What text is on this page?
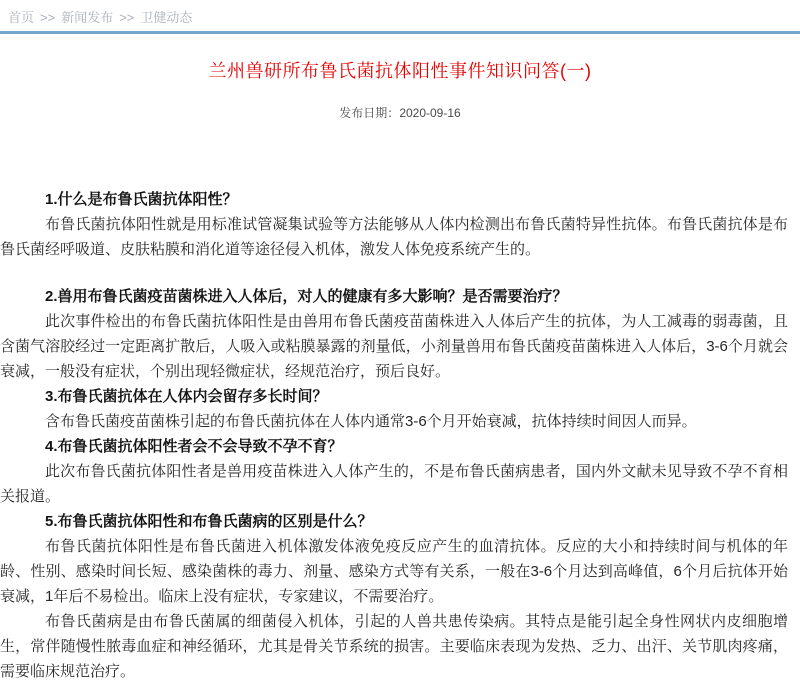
首页 >> 新闻发布 >> 卫健动态
兰州兽研所布鲁氏菌抗体阳性事件知识问答(一)
发布日期：2020-09-16
1.什么是布鲁氏菌抗体阳性？

布鲁氏菌抗体阳性就是用标准试管凝集试验等方法能够从人体内检测出布鲁氏菌特异性抗体。布鲁氏菌抗体是布鲁氏菌经呼吸道、皮肤粘膜和消化道等途径侵入机体，激发人体免疫系统产生的。

2.兽用布鲁氏菌疫苗菌株进入人体后，对人的健康有多大影响？是否需要治疗？

此次事件检出的布鲁氏菌抗体阳性是由兽用布鲁氏菌疫苗菌株进入人体后产生的抗体，为人工减毒的弱毒菌，且含菌气溶胶经过一定距离扩散后，人吸入或粘膜暴露的剂量低，小剂量兽用布鲁氏菌疫苗菌株进入人体后，3-6个月就会衰减，一般没有症状，个别出现轻微症状，经规范治疗，预后良好。

3.布鲁氏菌抗体在人体内会留存多长时间？

含布鲁氏菌疫苗菌株引起的布鲁氏菌抗体在人体内通常3-6个月开始衰减，抗体持续时间因人而异。

4.布鲁氏菌抗体阳性者会不会导致不孕不育？

此次布鲁氏菌抗体阳性者是兽用疫苗株进入人体产生的，不是布鲁氏菌病患者，国内外文献未见导致不孕不育相关报道。

5.布鲁氏菌抗体阳性和布鲁氏菌病的区别是什么？

布鲁氏菌抗体阳性是布鲁氏菌进入机体激发体液免疫反应产生的血清抗体。反应的大小和持续时间与机体的年龄、性别、感染时间长短、感染菌株的毒力、剂量、感染方式等有关系，一般在3-6个月达到高峰值，6个月后抗体开始衰减，1年后不易检出。临床上没有症状，专家建议，不需要治疗。

布鲁氏菌病是由布鲁氏菌属的细菌侵入机体，引起的人兽共患传染病。其特点是能引起全身性网状内皮细胞增生，常伴随慢性脓毒血症和神经循环，尤其是骨关节系统的损害。主要临床表现为发热、乏力、出汗、关节肌肉疼痛，需要临床规范治疗。
